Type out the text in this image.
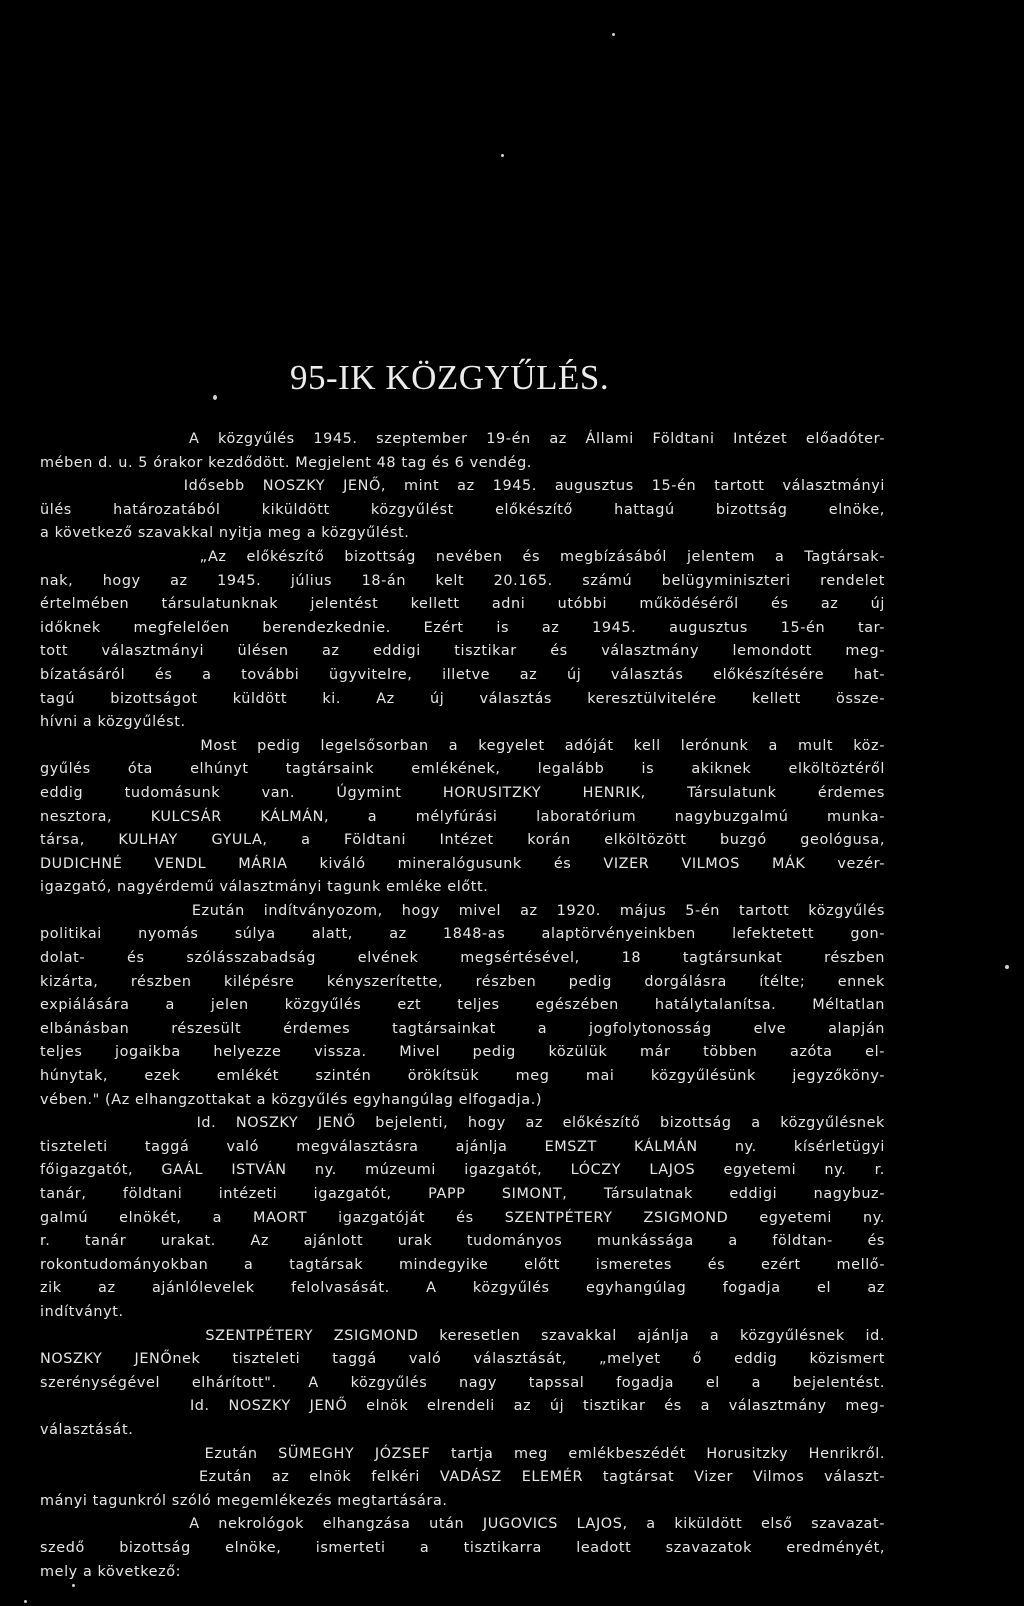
95-IK KÖZGYŰLÉS.
A közgyűlés 1945. szeptember 19-én az Állami Földtani Intézet előadóter-
mében d. u. 5 órakor kezdődött. Megjelent 48 tag és 6 vendég.
Idősebb NOSZKY JENŐ, mint az 1945. augusztus 15-én tartott választmányi
ülés határozatából kiküldött közgyűlést előkészítő hattagú bizottság elnöke,
a következő szavakkal nyitja meg a közgyűlést.
„Az előkészítő bizottság nevében és megbízásából jelentem a Tagtársak-
nak, hogy az 1945. július 18-án kelt 20.165. számú belügyminiszteri rendelet
értelmében társulatunknak jelentést kellett adni utóbbi működéséről és az új
időknek megfelelően berendezkednie. Ezért is az 1945. augusztus 15-én tar-
tott választmányi ülésen az eddigi tisztikar és választmány lemondott meg-
bízatásáról és a további ügyvitelre, illetve az új választás előkészítésére hat-
tagú bizottságot küldött ki. Az új választás keresztülvitelére kellett össze-
hívni a közgyűlést.
Most pedig legelsősorban a kegyelet adóját kell lerónunk a mult köz-
gyűlés óta elhúnyt tagtársaink emlékének, legalább is akiknek elköltöztéről
eddig tudomásunk van. Úgymint HORUSITZKY HENRIK, Társulatunk érdemes
nesztora, KULCSÁR KÁLMÁN, a mélyfúrási laboratórium nagybuzgalmú munka-
társa, KULHAY GYULA, a Földtani Intézet korán elköltözött buzgó geológusa,
DUDICHNÉ VENDL MÁRIA kiváló mineralógusunk és VIZER VILMOS MÁK vezér-
igazgató, nagyérdemű választmányi tagunk emléke előtt.
Ezután indítványozom, hogy mivel az 1920. május 5-én tartott közgyűlés
politikai nyomás súlya alatt, az 1848-as alaptörvényeinkben lefektetett gon-
dolat- és szólásszabadság elvének megsértésével, 18 tagtársunkat részben
kizárta, részben kilépésre kényszerítette, részben pedig dorgálásra ítélte; ennek
expiálására a jelen közgyűlés ezt teljes egészében hatálytalanítsa. Méltatlan
elbánásban részesült érdemes tagtársainkat a jogfolytonosság elve alapján
teljes jogaikba helyezze vissza. Mivel pedig közülük már többen azóta el-
húnytak, ezek emlékét szintén örökítsük meg mai közgyűlésünk jegyzőköny-
vében." (Az elhangzottakat a közgyűlés egyhangúlag elfogadja.)
Id. NOSZKY JENŐ bejelenti, hogy az előkészítő bizottság a közgyűlésnek
tiszteleti taggá való megválasztásra ajánlja EMSZT KÁLMÁN ny. kísérletügyi
főigazgatót, GAÁL ISTVÁN ny. múzeumi igazgatót, LÓCZY LAJOS egyetemi ny. r.
tanár, földtani intézeti igazgatót, PAPP SIMONT, Társulatnak eddigi nagybuz-
galmú elnökét, a MAORT igazgatóját és SZENTPÉTERY ZSIGMOND egyetemi ny.
r. tanár urakat. Az ajánlott urak tudományos munkássága a földtan- és
rokontudományokban a tagtársak mindegyike előtt ismeretes és ezért mellő-
zik az ajánlólevelek felolvasását. A közgyűlés egyhangúlag fogadja el az
indítványt.
SZENTPÉTERY ZSIGMOND keresetlen szavakkal ajánlja a közgyűlésnek id.
NOSZKY JENŐnek tiszteleti taggá való választását, „melyet ő eddig közismert
szerénységével elhárított". A közgyűlés nagy tapssal fogadja el a bejelentést.
Id. NOSZKY JENŐ elnök elrendeli az új tisztikar és a választmány meg-
választását.
Ezután SÜMEGHY JÓZSEF tartja meg emlékbeszédét Horusitzky Henrikről.
Ezután az elnök felkéri VADÁSZ ELEMÉR tagtársat Vizer Vilmos választ-
mányi tagunkról szóló megemlékezés megtartására.
A nekrológok elhangzása után JUGOVICS LAJOS, a kiküldött első szavazat-
szedő bizottság elnöke, ismerteti a tisztikarra leadott szavazatok eredményét,
mely a következő:
